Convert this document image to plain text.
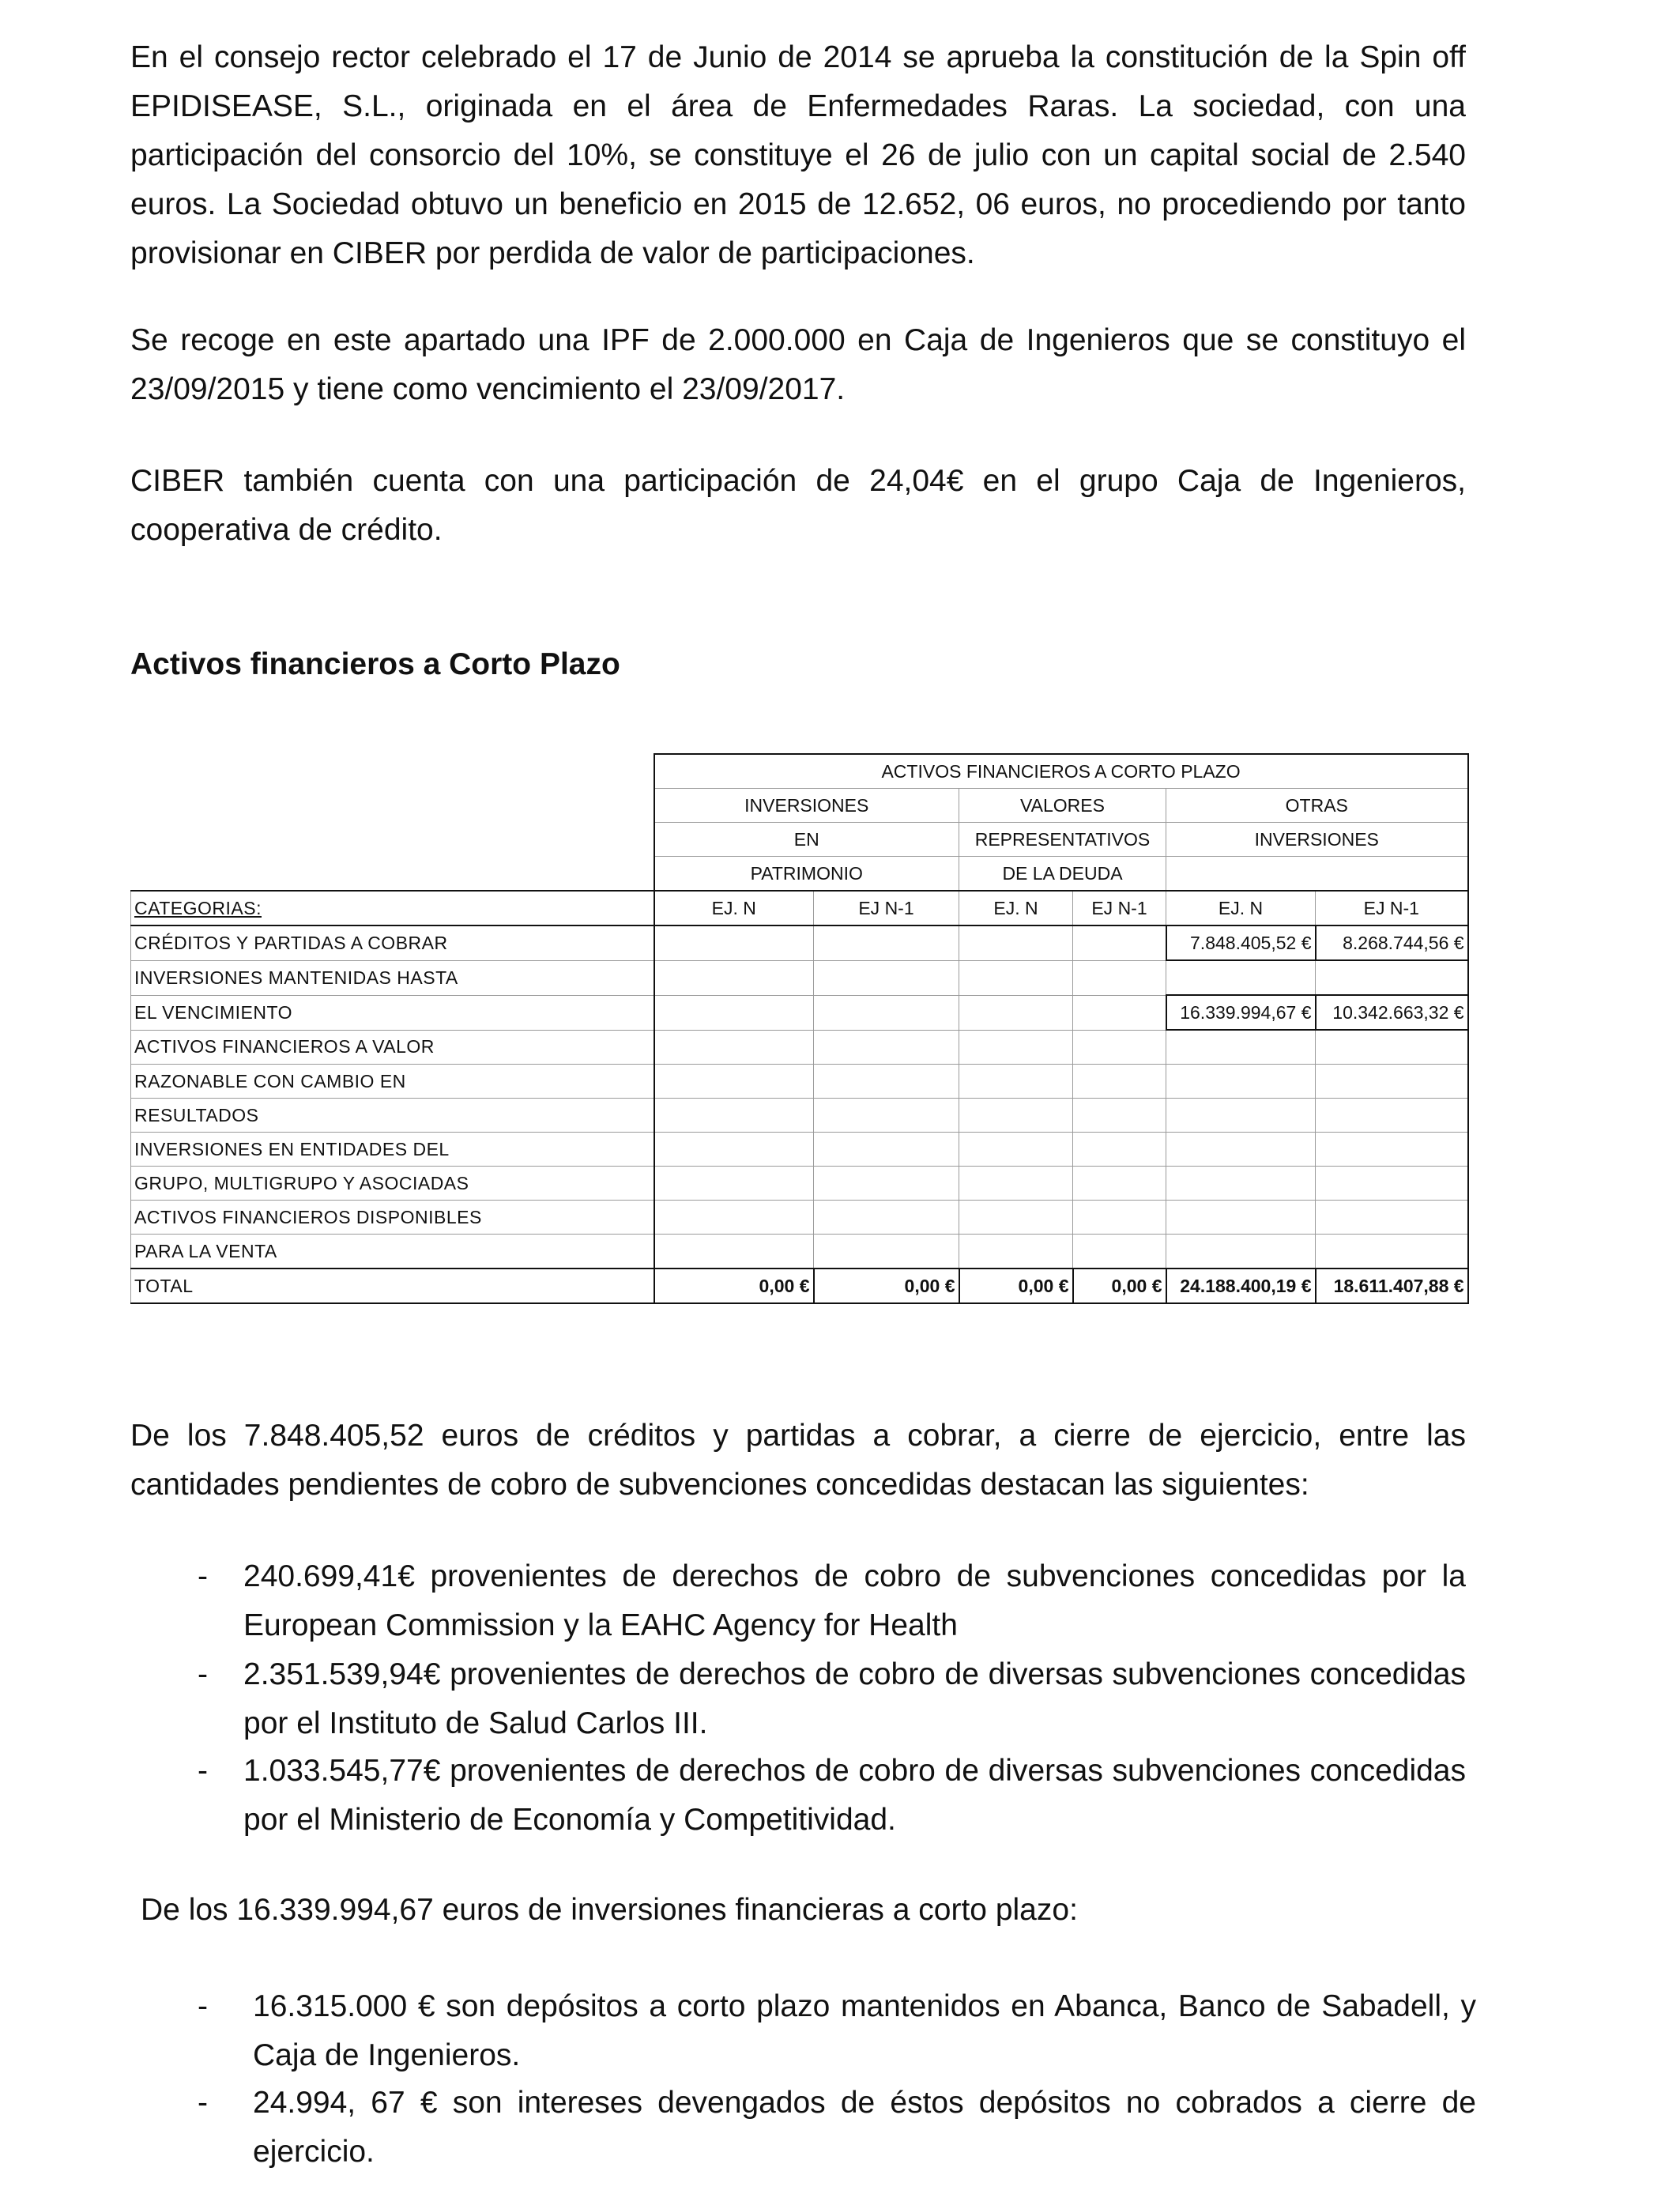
En el consejo rector celebrado el 17 de Junio de 2014 se aprueba la constitución de la Spin off EPIDISEASE, S.L., originada en el área de Enfermedades Raras. La sociedad, con una participación del consorcio del 10%, se constituye el 26 de julio con un capital social de 2.540 euros. La Sociedad obtuvo un beneficio en 2015 de 12.652, 06 euros, no procediendo por tanto provisionar en CIBER por perdida de valor de participaciones.

Se recoge en este apartado una IPF de 2.000.000 en Caja de Ingenieros que se constituyo el 23/09/2015 y tiene como vencimiento el 23/09/2017.

CIBER también cuenta con una participación de 24,04€ en el grupo Caja de Ingenieros, cooperativa de crédito.

Activos financieros a Corto Plazo
	ACTIVOS FINANCIEROS A CORTO PLAZO					
	INVERSIONES		VALORES		OTRAS	
	EN		REPRESENTATIVOS		INVERSIONES	
	PATRIMONIO		DE LA DEUDA			
CATEGORIAS:	EJ. N	EJ N-1	EJ. N	EJ N-1	EJ. N	EJ N-1
CRÉDITOS Y PARTIDAS A COBRAR					7.848.405,52 €	8.268.744,56 €
INVERSIONES MANTENIDAS HASTA						
EL VENCIMIENTO					16.339.994,67 €	10.342.663,32 €
ACTIVOS FINANCIEROS A VALOR						
RAZONABLE CON CAMBIO EN						
RESULTADOS						
INVERSIONES EN ENTIDADES DEL						
GRUPO, MULTIGRUPO Y ASOCIADAS						
ACTIVOS FINANCIEROS DISPONIBLES						
PARA LA VENTA						
TOTAL	0,00 €	0,00 €	0,00 €	0,00 €	24.188.400,19 €	18.611.407,88 €

De los 7.848.405,52 euros de créditos y partidas a cobrar, a cierre de ejercicio, entre las cantidades pendientes de cobro de subvenciones concedidas destacan las siguientes:

-	240.699,41€ provenientes de derechos de cobro de subvenciones concedidas por la European Commission y la EAHC Agency for Health
-	2.351.539,94€ provenientes de derechos de cobro de diversas subvenciones concedidas por el Instituto de Salud Carlos III.
-	1.033.545,77€ provenientes de derechos de cobro de diversas subvenciones concedidas por el Ministerio de Economía y Competitividad.

De los 16.339.994,67 euros de inversiones financieras a corto plazo:

-	16.315.000 € son depósitos a corto plazo mantenidos en Abanca, Banco de Sabadell, y Caja de Ingenieros.
-	24.994, 67 € son intereses devengados de éstos depósitos no cobrados a cierre de ejercicio.
